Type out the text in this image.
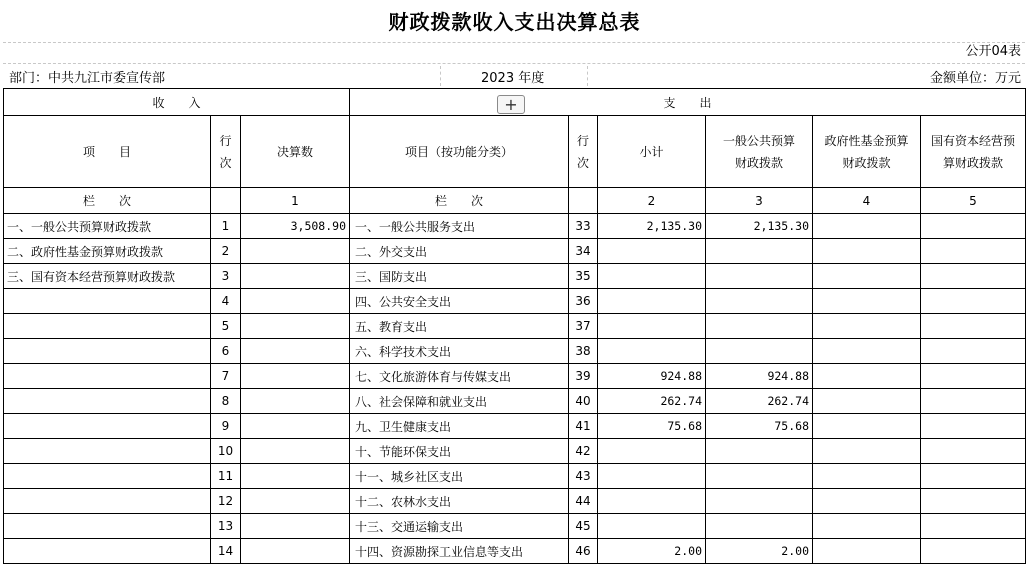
财政拨款收入支出决算总表
公开04表
部门：中共九江市委宣传部	2023 年度	金额单位：万元
收　　入			支　　出					
项　　目	行次	决算数	项目（按功能分类）	行次	小计	一般公共预算财政拨款	政府性基金预算财政拨款	国有资本经营预算财政拨款
栏　　次		1	栏　　次		2	3	4	5
一、一般公共预算财政拨款	1	3,508.90	一、一般公共服务支出	33	2,135.30	2,135.30		
二、政府性基金预算财政拨款	2		二、外交支出	34				
三、国有资本经营预算财政拨款	3		三、国防支出	35				
	4		四、公共安全支出	36				
	5		五、教育支出	37				
	6		六、科学技术支出	38				
	7		七、文化旅游体育与传媒支出	39	924.88	924.88		
	8		八、社会保障和就业支出	40	262.74	262.74		
	9		九、卫生健康支出	41	75.68	75.68		
	10		十、节能环保支出	42				
	11		十一、城乡社区支出	43				
	12		十二、农林水支出	44				
	13		十三、交通运输支出	45				
	14		十四、资源勘探工业信息等支出	46	2.00	2.00		
+
